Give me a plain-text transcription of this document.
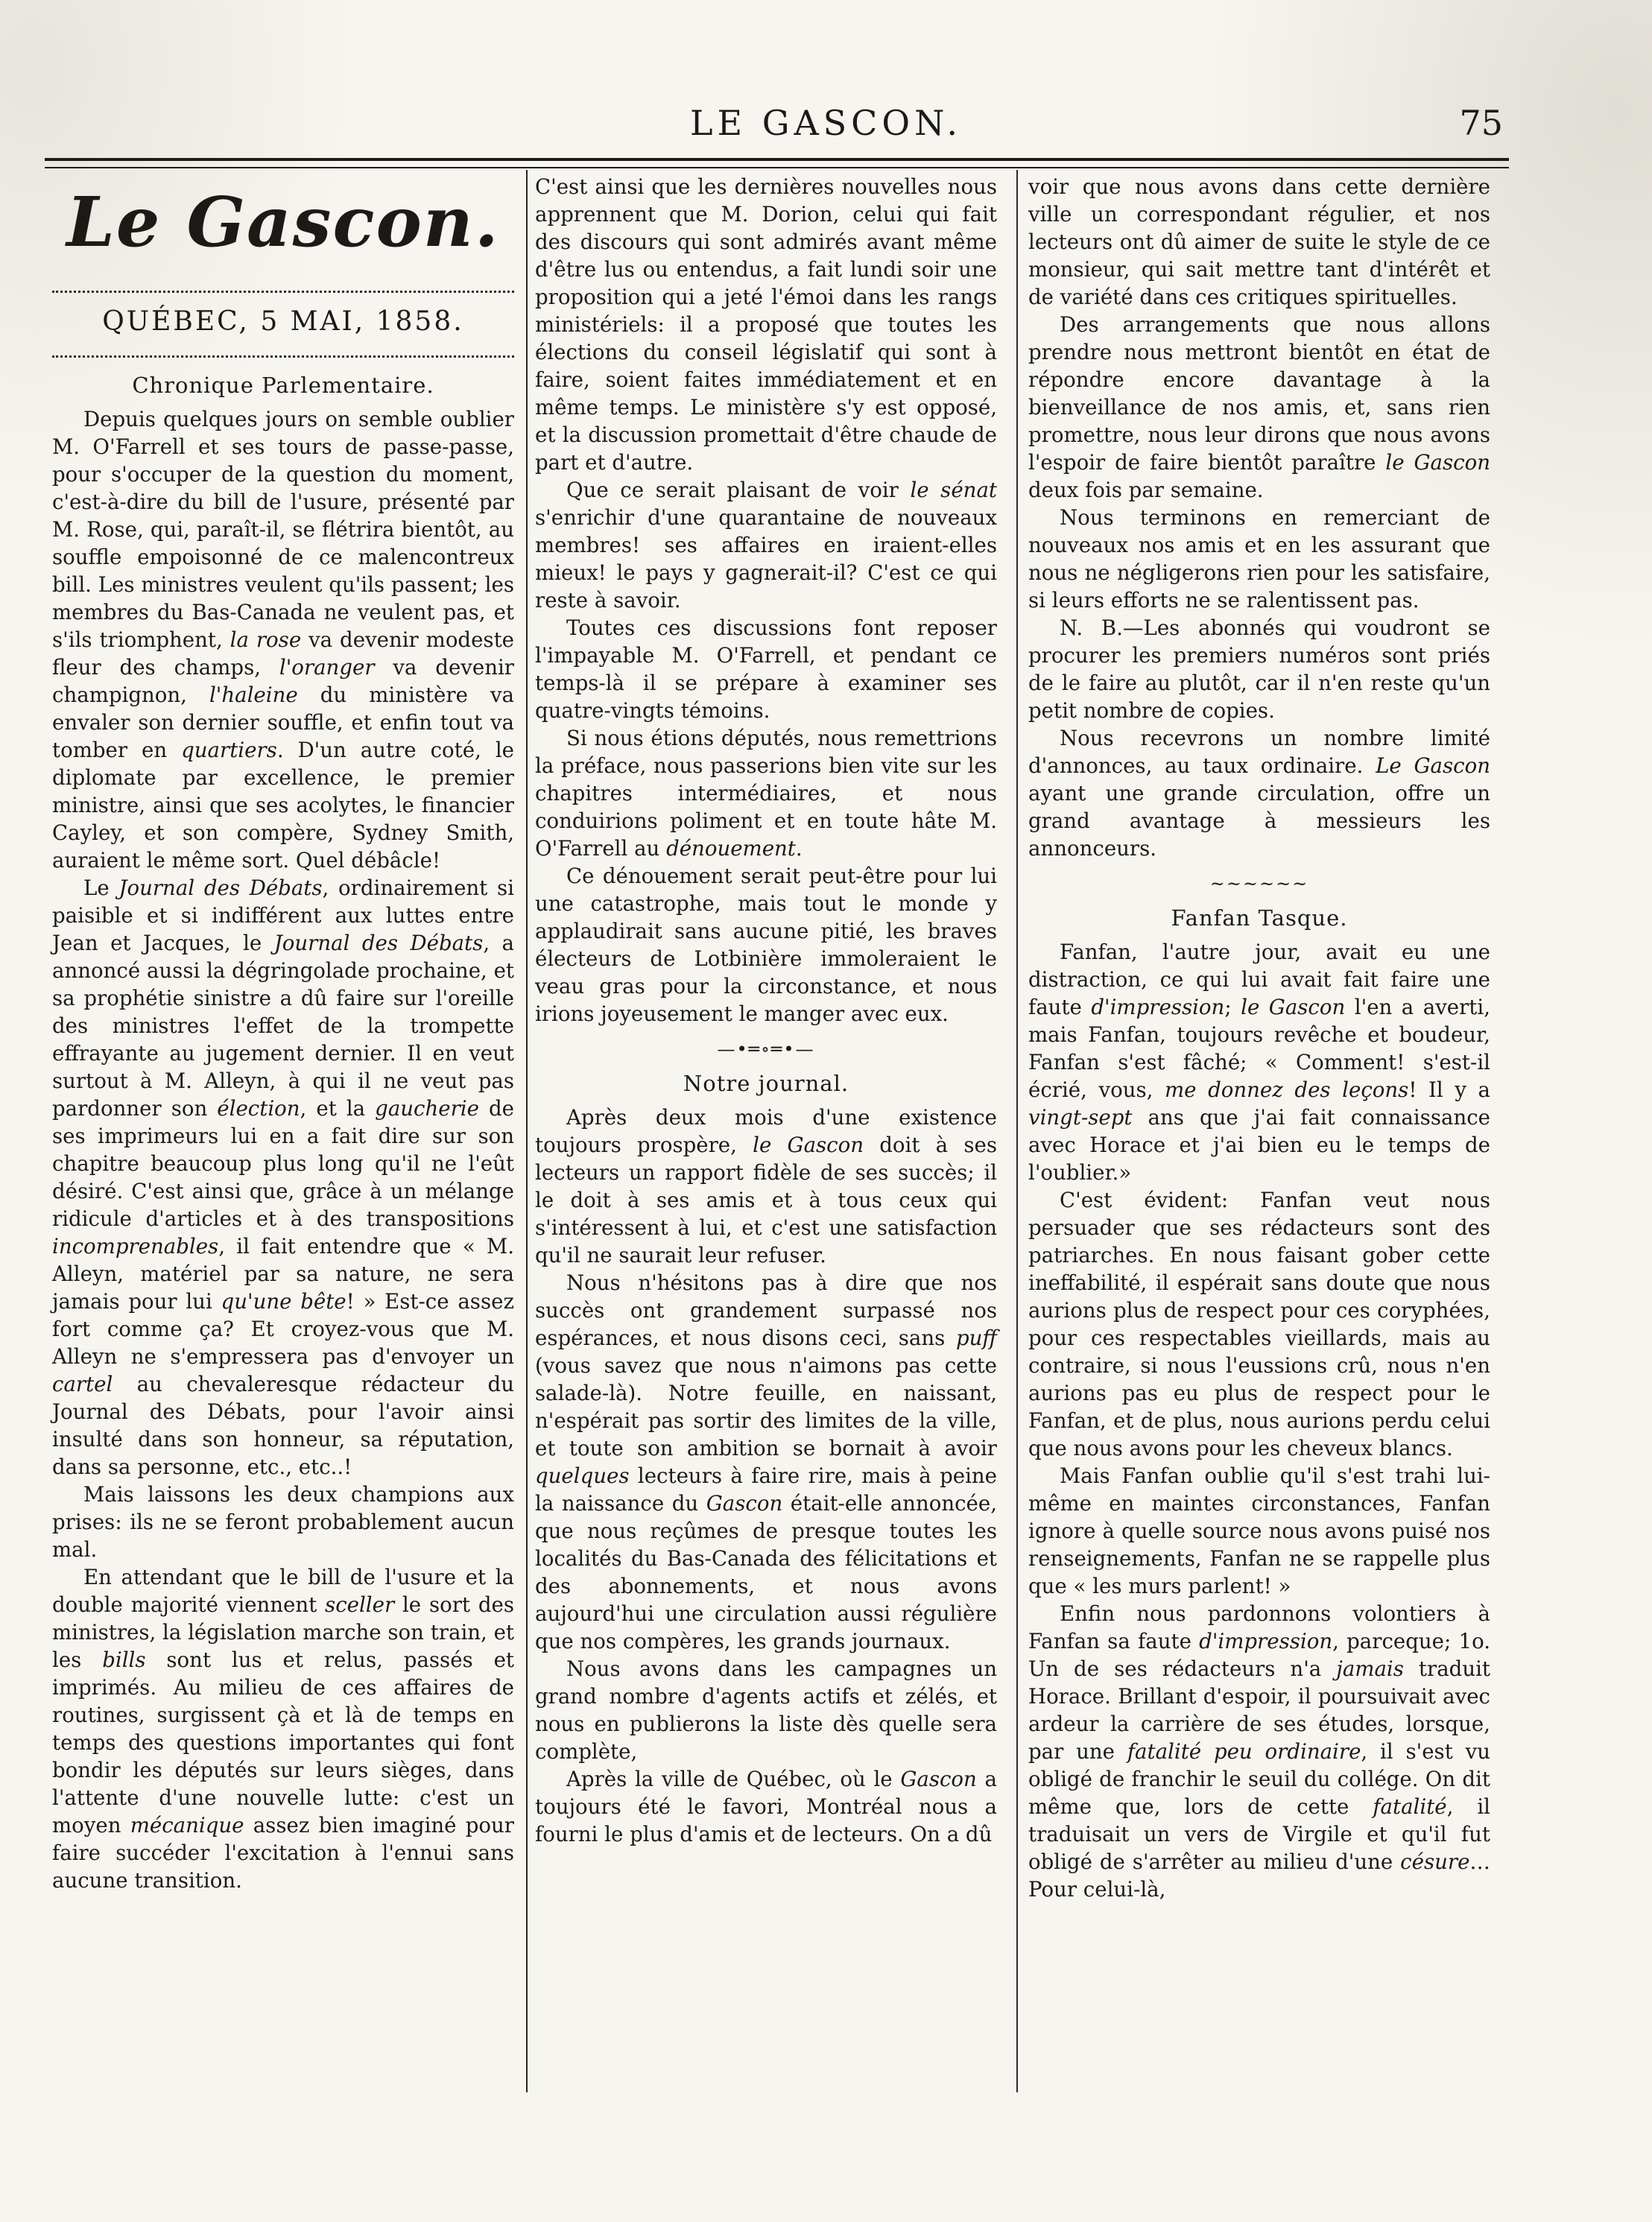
LE GASCON.	75
Le Gascon.
QUÉBEC, 5 MAI, 1858.
Chronique Parlementaire.

Depuis quelques jours on semble oublier M. O'Farrell et ses tours de passe-passe, pour s'occuper de la question du moment, c'est-à-dire du bill de l'usure, présenté par M. Rose, qui, paraît-il, se flétrira bientôt, au souffle empoisonné de ce malencontreux bill. Les ministres veulent qu'ils passent; les membres du Bas-Canada ne veulent pas, et s'ils triomphent, la rose va devenir modeste fleur des champs, l'oranger va devenir champignon, l'haleine du ministère va envaler son dernier souffle, et enfin tout va tomber en quartiers. D'un autre coté, le diplomate par excellence, le premier ministre, ainsi que ses acolytes, le financier Cayley, et son compère, Sydney Smith, auraient le même sort. Quel débâcle!

Le Journal des Débats, ordinairement si paisible et si indifférent aux luttes entre Jean et Jacques, le Journal des Débats, a annoncé aussi la dégringolade prochaine, et sa prophétie sinistre a dû faire sur l'oreille des ministres l'effet de la trompette effrayante au jugement dernier. Il en veut surtout à M. Alleyn, à qui il ne veut pas pardonner son élection, et la gaucherie de ses imprimeurs lui en a fait dire sur son chapitre beaucoup plus long qu'il ne l'eût désiré. C'est ainsi que, grâce à un mélange ridicule d'articles et à des transpositions incomprenables, il fait entendre que « M. Alleyn, matériel par sa nature, ne sera jamais pour lui qu'une bête! » Est-ce assez fort comme ça? Et croyez-vous que M. Alleyn ne s'empressera pas d'envoyer un cartel au chevaleresque rédacteur du Journal des Débats, pour l'avoir ainsi insulté dans son honneur, sa réputation, dans sa personne, etc., etc..!

Mais laissons les deux champions aux prises: ils ne se feront probablement aucun mal.

En attendant que le bill de l'usure et la double majorité viennent sceller le sort des ministres, la législation marche son train, et les bills sont lus et relus, passés et imprimés. Au milieu de ces affaires de routines, surgissent çà et là de temps en temps des questions importantes qui font bondir les députés sur leurs sièges, dans l'attente d'une nouvelle lutte: c'est un moyen mécanique assez bien imaginé pour faire succéder l'excitation à l'ennui sans aucune transition.

C'est ainsi que les dernières nouvelles nous apprennent que M. Dorion, celui qui fait des discours qui sont admirés avant même d'être lus ou entendus, a fait lundi soir une proposition qui a jeté l'émoi dans les rangs ministériels: il a proposé que toutes les élections du conseil législatif qui sont à faire, soient faites immédiatement et en même temps. Le ministère s'y est opposé, et la discussion promettait d'être chaude de part et d'autre.

Que ce serait plaisant de voir le sénat s'enrichir d'une quarantaine de nouveaux membres! ses affaires en iraient-elles mieux! le pays y gagnerait-il? C'est ce qui reste à savoir.

Toutes ces discussions font reposer l'impayable M. O'Farrell, et pendant ce temps-là il se prépare à examiner ses quatre-vingts témoins.

Si nous étions députés, nous remettrions la préface, nous passerions bien vite sur les chapitres intermédiaires, et nous conduirions poliment et en toute hâte M. O'Farrell au dénouement.

Ce dénouement serait peut-être pour lui une catastrophe, mais tout le monde y applaudirait sans aucune pitié, les braves électeurs de Lotbinière immoleraient le veau gras pour la circonstance, et nous irions joyeusement le manger avec eux.

—•═∘═•—
Notre journal.

Après deux mois d'une existence toujours prospère, le Gascon doit à ses lecteurs un rapport fidèle de ses succès; il le doit à ses amis et à tous ceux qui s'intéressent à lui, et c'est une satisfaction qu'il ne saurait leur refuser.

Nous n'hésitons pas à dire que nos succès ont grandement surpassé nos espérances, et nous disons ceci, sans puff (vous savez que nous n'aimons pas cette salade-là). Notre feuille, en naissant, n'espérait pas sortir des limites de la ville, et toute son ambition se bornait à avoir quelques lecteurs à faire rire, mais à peine la naissance du Gascon était-elle annoncée, que nous reçûmes de presque toutes les localités du Bas-Canada des félicitations et des abonnements, et nous avons aujourd'hui une circulation aussi régulière que nos compères, les grands journaux.

Nous avons dans les campagnes un grand nombre d'agents actifs et zélés, et nous en publierons la liste dès quelle sera complète,

Après la ville de Québec, où le Gascon a toujours été le favori, Montréal nous a fourni le plus d'amis et de lecteurs. On a dû

voir que nous avons dans cette dernière ville un correspondant régulier, et nos lecteurs ont dû aimer de suite le style de ce monsieur, qui sait mettre tant d'intérêt et de variété dans ces critiques spirituelles.

Des arrangements que nous allons prendre nous mettront bientôt en état de répondre encore davantage à la bienveillance de nos amis, et, sans rien promettre, nous leur dirons que nous avons l'espoir de faire bientôt paraître le Gascon deux fois par semaine.

Nous terminons en remerciant de nouveaux nos amis et en les assurant que nous ne négligerons rien pour les satisfaire, si leurs efforts ne se ralentissent pas.

N. B.—Les abonnés qui voudront se procurer les premiers numéros sont priés de le faire au plutôt, car il n'en reste qu'un petit nombre de copies.

Nous recevrons un nombre limité d'annonces, au taux ordinaire. Le Gascon ayant une grande circulation, offre un grand avantage à messieurs les annonceurs.

~~~~~~
Fanfan Tasque.

Fanfan, l'autre jour, avait eu une distraction, ce qui lui avait fait faire une faute d'impression; le Gascon l'en a averti, mais Fanfan, toujours revêche et boudeur, Fanfan s'est fâché; « Comment! s'est-il écrié, vous, me donnez des leçons! Il y a vingt-sept ans que j'ai fait connaissance avec Horace et j'ai bien eu le temps de l'oublier.»

C'est évident: Fanfan veut nous persuader que ses rédacteurs sont des patriarches. En nous faisant gober cette ineffabilité, il espérait sans doute que nous aurions plus de respect pour ces coryphées, pour ces respectables vieillards, mais au contraire, si nous l'eussions crû, nous n'en aurions pas eu plus de respect pour le Fanfan, et de plus, nous aurions perdu celui que nous avons pour les cheveux blancs.

Mais Fanfan oublie qu'il s'est trahi lui-même en maintes circonstances, Fanfan ignore à quelle source nous avons puisé nos renseignements, Fanfan ne se rappelle plus que « les murs parlent! »

Enfin nous pardonnons volontiers à Fanfan sa faute d'impression, parceque; 1o. Un de ses rédacteurs n'a jamais traduit Horace. Brillant d'espoir, il poursuivait avec ardeur la carrière de ses études, lorsque, par une fatalité peu ordinaire, il s'est vu obligé de franchir le seuil du collége. On dit même que, lors de cette fatalité, il traduisait un vers de Virgile et qu'il fut obligé de s'arrêter au milieu d'une césure… Pour celui-là,
